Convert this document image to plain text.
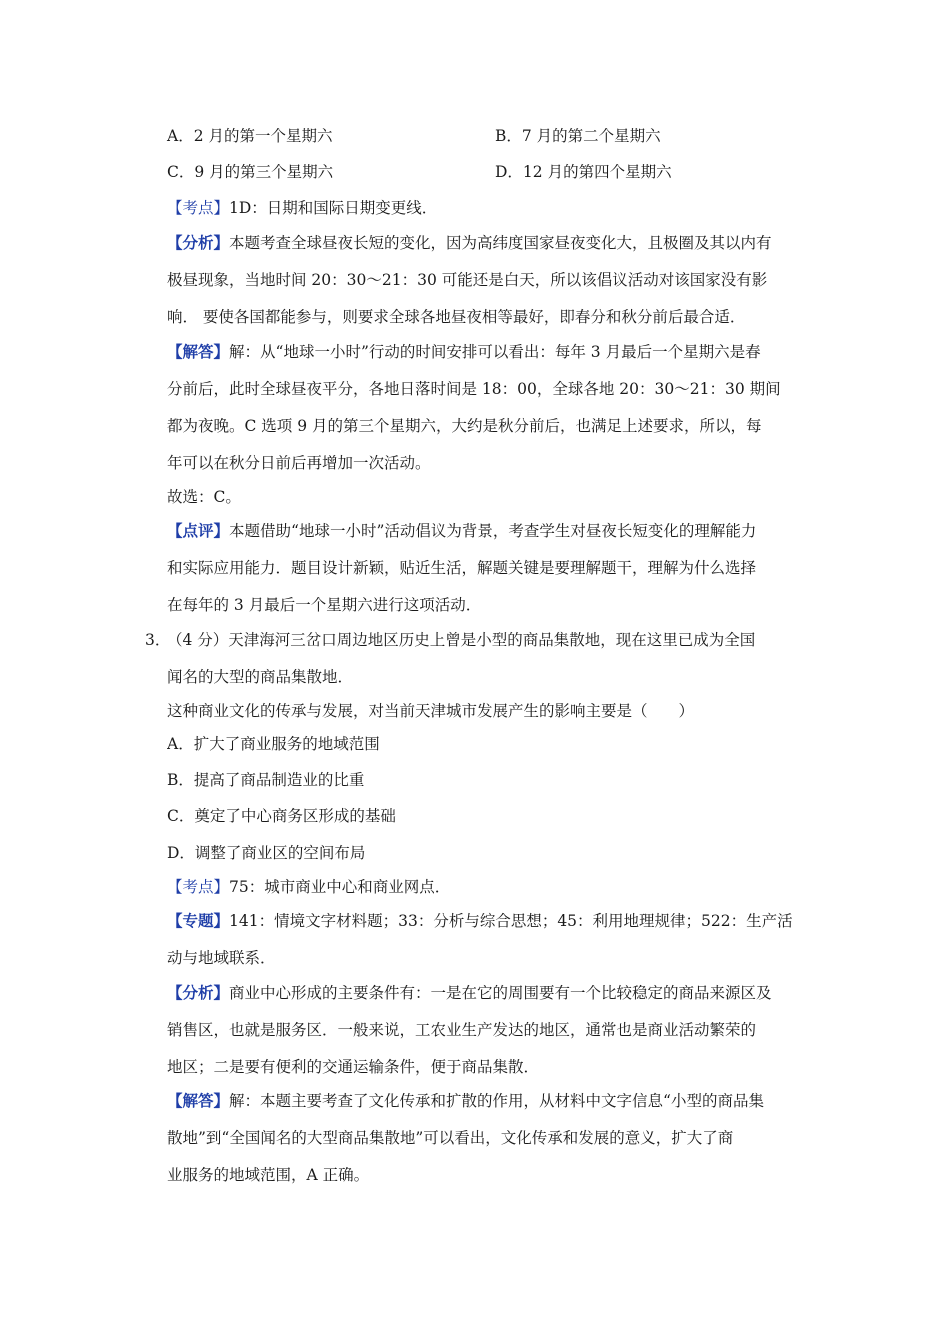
A．2 月的第一个星期六	B．7 月的第二个星期六
C．9 月的第三个星期六	D．12 月的第四个星期六
【考点】1D：日期和国际日期变更线．
【分析】本题考查全球昼夜长短的变化，因为高纬度国家昼夜变化大，且极圈及其以内有
极昼现象，当地时间 20：30～21：30 可能还是白天，所以该倡议活动对该国家没有影
响． 要使各国都能参与，则要求全球各地昼夜相等最好，即春分和秋分前后最合适．
【解答】解：从“地球一小时”行动的时间安排可以看出：每年 3 月最后一个星期六是春
分前后，此时全球昼夜平分，各地日落时间是 18：00，全球各地 20：30～21：30 期间
都为夜晚。C 选项 9 月的第三个星期六，大约是秋分前后，也满足上述要求，所以，每
年可以在秋分日前后再增加一次活动。
故选：C。
【点评】本题借助“地球一小时”活动倡议为背景，考查学生对昼夜长短变化的理解能力
和实际应用能力．题目设计新颖，贴近生活，解题关键是要理解题干，理解为什么选择
在每年的 3 月最后一个星期六进行这项活动．
3．
（4 分）天津海河三岔口周边地区历史上曾是小型的商品集散地，现在这里已成为全国
闻名的大型的商品集散地．
这种商业文化的传承与发展，对当前天津城市发展产生的影响主要是（　　）
A．扩大了商业服务的地域范围
B．提高了商品制造业的比重
C．奠定了中心商务区形成的基础
D．调整了商业区的空间布局
【考点】75：城市商业中心和商业网点．
【专题】141：情境文字材料题；33：分析与综合思想；45：利用地理规律；522：生产活
动与地域联系．
【分析】商业中心形成的主要条件有：一是在它的周围要有一个比较稳定的商品来源区及
销售区，也就是服务区．一般来说，工农业生产发达的地区，通常也是商业活动繁荣的
地区；二是要有便利的交通运输条件，便于商品集散．
【解答】解：本题主要考查了文化传承和扩散的作用，从材料中文字信息“小型的商品集
散地”到“全国闻名的大型商品集散地”可以看出，文化传承和发展的意义，扩大了商
业服务的地域范围，A 正确。
